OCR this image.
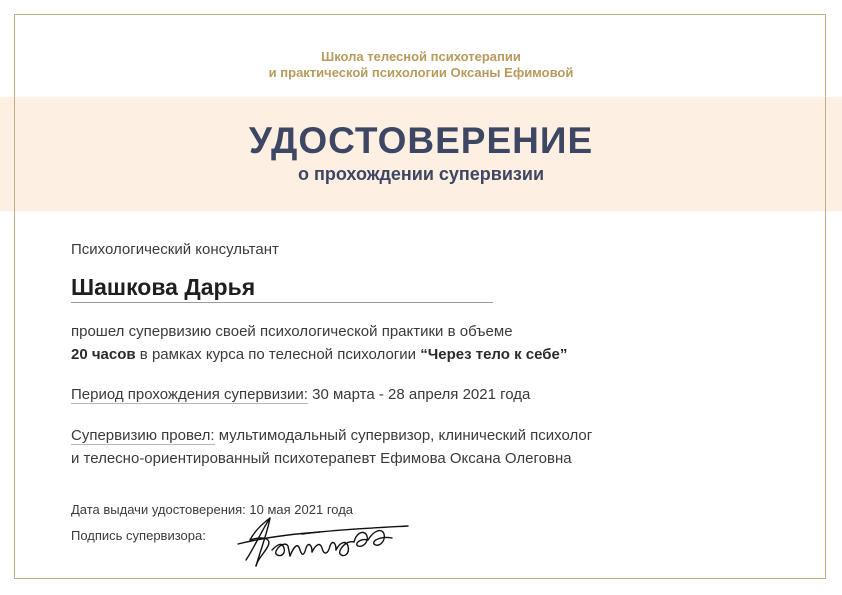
Школа телесной психотерапии
и практической психологии Оксаны Ефимовой
УДОСТОВЕРЕНИЕ
о прохождении супервизии
Психологический консультант
Шашкова Дарья
прошел супервизию своей психологической практики в объеме
20 часов в рамках курса по телесной психологии “Через тело к себе”
Период прохождения супервизии: 30 марта - 28 апреля 2021 года
Супервизию провел: мультимодальный супервизор, клинический психолог
и телесно-ориентированный психотерапевт Ефимова Оксана Олеговна
Дата выдачи удостоверения: 10 мая 2021 года
Подпись супервизора:
